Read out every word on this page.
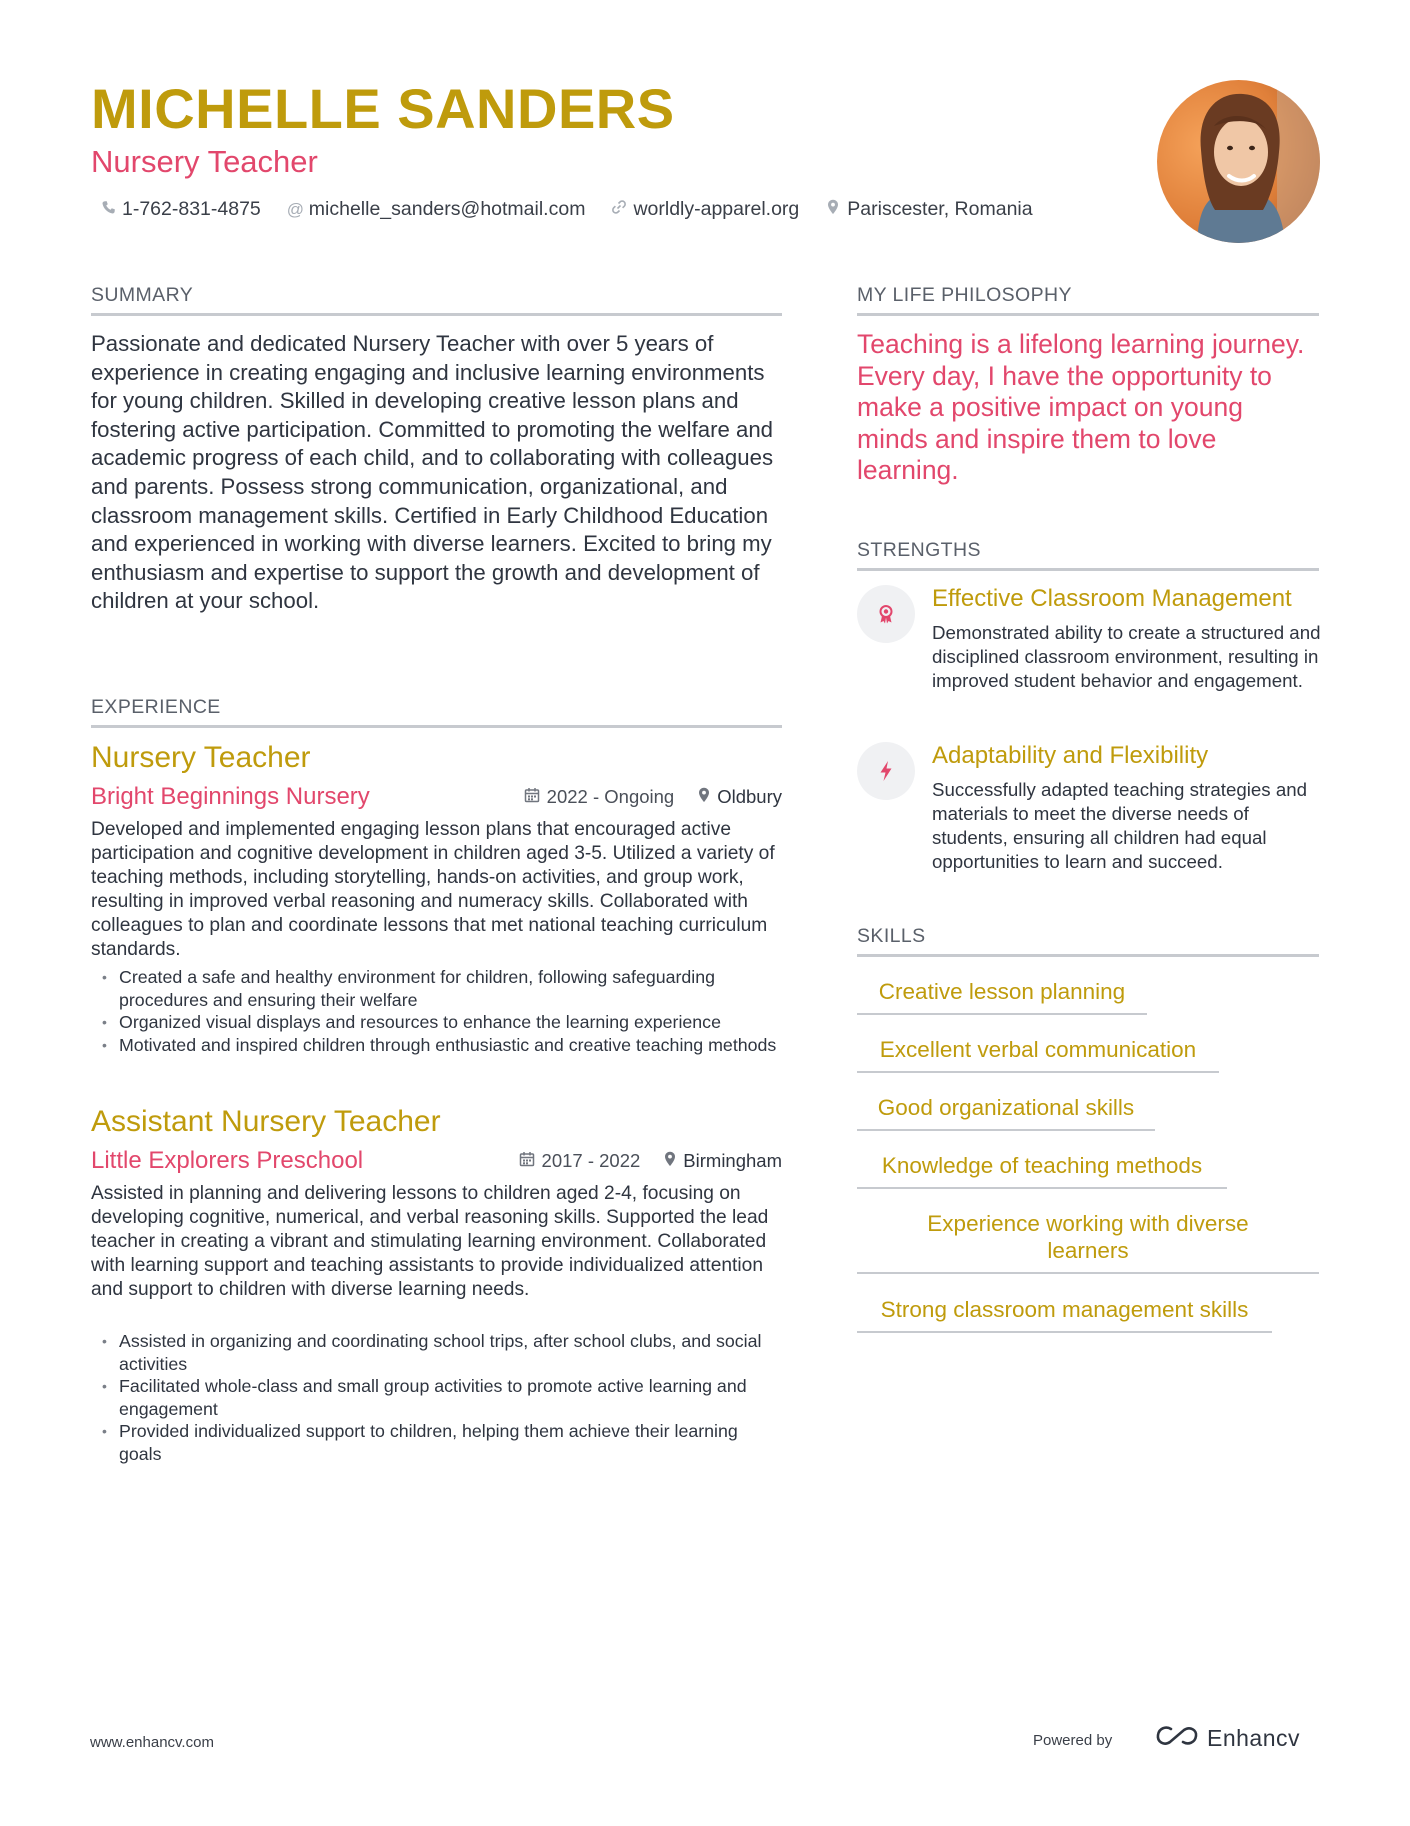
MICHELLE SANDERS
Nursery Teacher
1-762-831-4875 @ michelle_sanders@hotmail.com worldly-apparel.org Pariscester, Romania
SUMMARY
Passionate and dedicated Nursery Teacher with over 5 years of experience in creating engaging and inclusive learning environments for young children. Skilled in developing creative lesson plans and fostering active participation. Committed to promoting the welfare and academic progress of each child, and to collaborating with colleagues and parents. Possess strong communication, organizational, and classroom management skills. Certified in Early Childhood Education and experienced in working with diverse learners. Excited to bring my enthusiasm and expertise to support the growth and development of children at your school.
EXPERIENCE
Nursery Teacher
Bright Beginnings Nursery	2022 - Ongoing Oldbury
Developed and implemented engaging lesson plans that encouraged active participation and cognitive development in children aged 3-5. Utilized a variety of teaching methods, including storytelling, hands-on activities, and group work, resulting in improved verbal reasoning and numeracy skills. Collaborated with colleagues to plan and coordinate lessons that met national teaching curriculum standards.
• Created a safe and healthy environment for children, following safeguarding procedures and ensuring their welfare
• Organized visual displays and resources to enhance the learning experience
• Motivated and inspired children through enthusiastic and creative teaching methods
Assistant Nursery Teacher
Little Explorers Preschool	2017 - 2022 Birmingham
Assisted in planning and delivering lessons to children aged 2-4, focusing on developing cognitive, numerical, and verbal reasoning skills. Supported the lead teacher in creating a vibrant and stimulating learning environment. Collaborated with learning support and teaching assistants to provide individualized attention and support to children with diverse learning needs.
• Assisted in organizing and coordinating school trips, after school clubs, and social activities
• Facilitated whole-class and small group activities to promote active learning and engagement
• Provided individualized support to children, helping them achieve their learning goals
MY LIFE PHILOSOPHY
Teaching is a lifelong learning journey. Every day, I have the opportunity to make a positive impact on young minds and inspire them to love learning.
STRENGTHS
Effective Classroom Management
Demonstrated ability to create a structured and disciplined classroom environment, resulting in improved student behavior and engagement.
Adaptability and Flexibility
Successfully adapted teaching strategies and materials to meet the diverse needs of students, ensuring all children had equal opportunities to learn and succeed.
SKILLS
Creative lesson planning
Excellent verbal communication
Good organizational skills
Knowledge of teaching methods
Experience working with diverse learners
Strong classroom management skills
www.enhancv.com	Powered by	Enhancv
